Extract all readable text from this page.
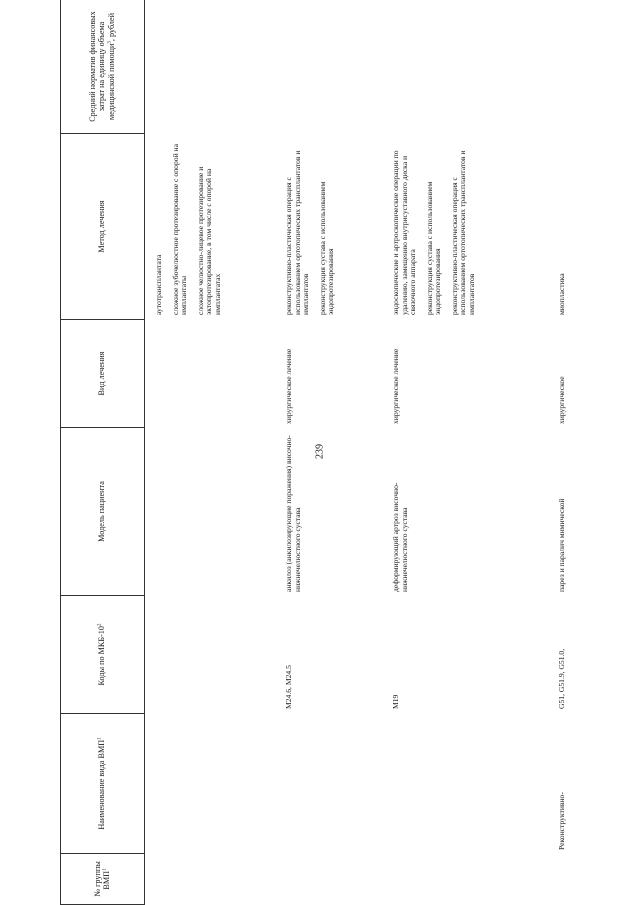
239
№ группы ВМП$^1$
Наименование вида ВМП$^1$
Коды по МКБ-$10^2$
Модель пациента
Вид лечения
Метод лечения
Средний норматив финансовых затрат на единицу объема медицинской помощи$^3$, рублей
аутотрансплантата сложное зубочелюстное протезирование с опорой на имплантаты сложное челюстно-лицевое протезирование и эктопротезирование, в том числе с опорой на имплантатах
M24.6, M24.5
анкилоз (анкилозирующие поражения) височно-нижнечелюстного сустава
хирургическое лечение
реконструктивно-пластическая операция с использованием ортотопических трансплантатов и имплантатов реконструкция сустава с использованием эндопротезирования
M19
деформирующий артроз височно-нижнечелюстного сустава
хирургическое лечение
эндоскопические и артроскопические операции по удалению, замещению внутрисуставного диска и связочного аппарата реконструкция сустава с использованием эндопротезирования реконструктивно-пластическая операция с использованием ортотопических трансплантатов и имплантатов
Реконструктивно-
G51, G51.9, G51.0,
парез и паралич мимической
хирургическое
миопластика
